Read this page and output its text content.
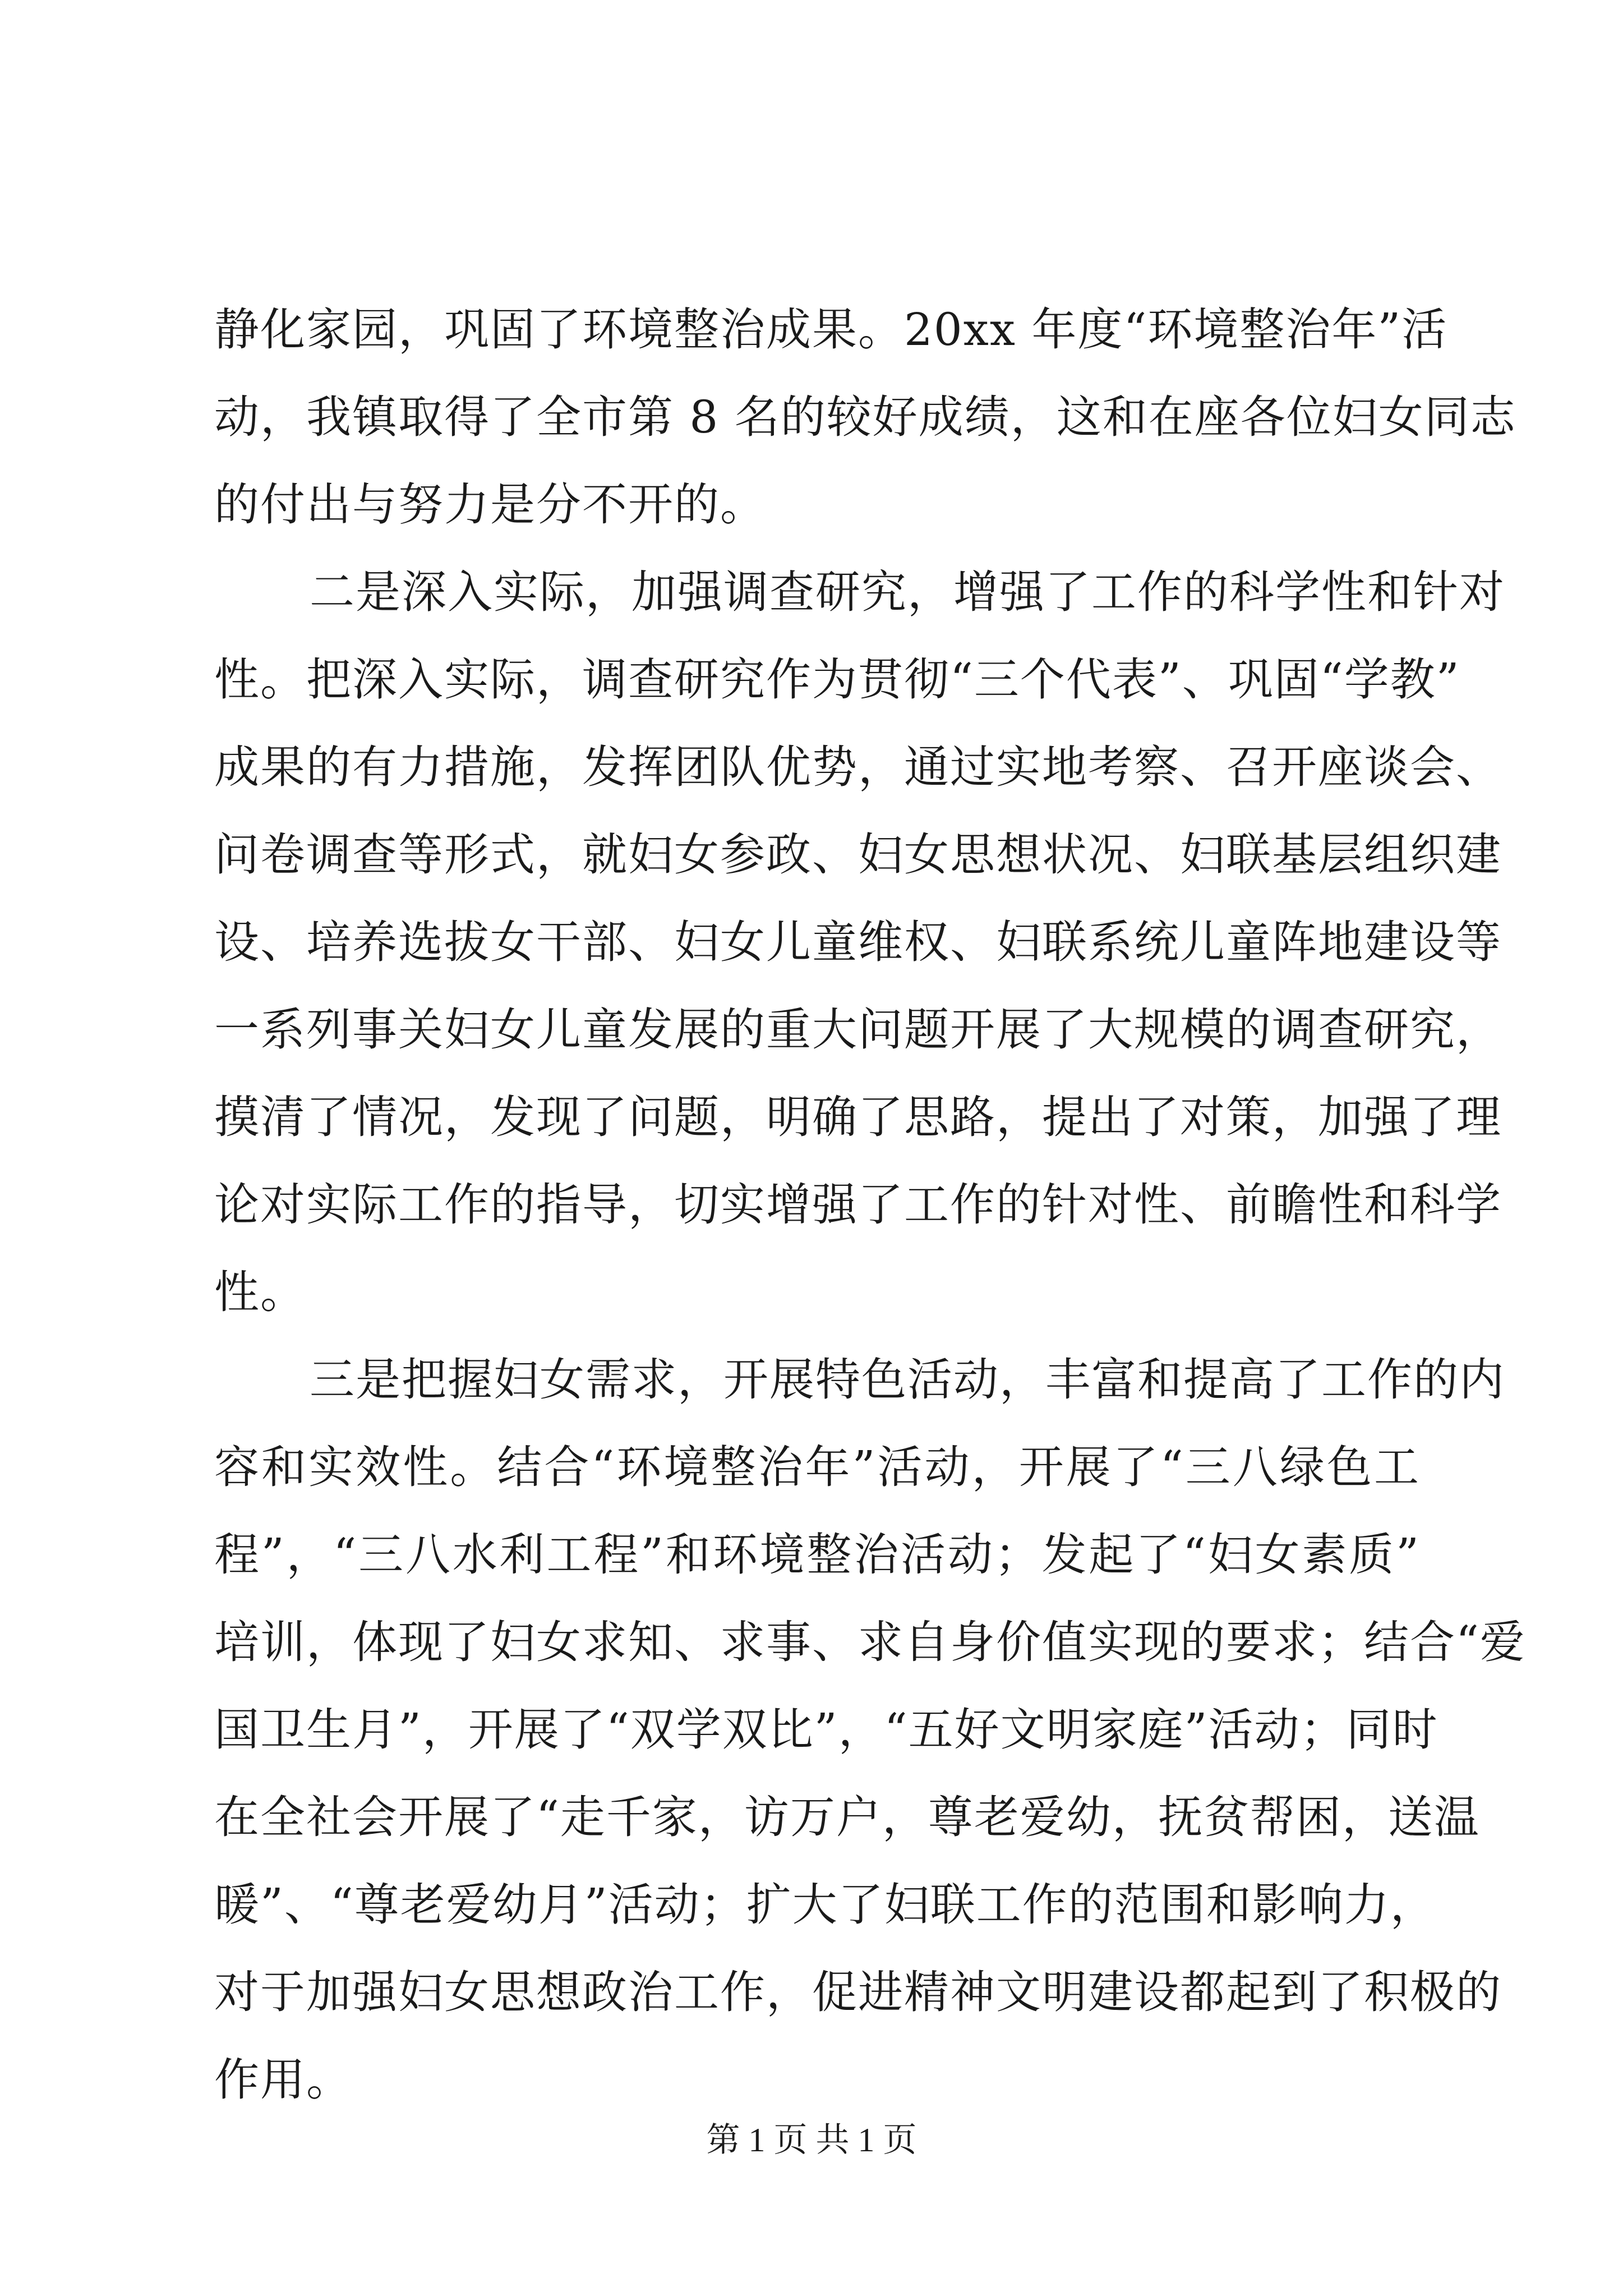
静化家园，巩固了环境整治成果。20xx 年度“环境整治年”活
动，我镇取得了全市第 8 名的较好成绩，这和在座各位妇女同志
的付出与努力是分不开的。
二是深入实际，加强调查研究，增强了工作的科学性和针对
性。把深入实际，调查研究作为贯彻“三个代表”、巩固“学教”
成果的有力措施，发挥团队优势，通过实地考察、召开座谈会、
问卷调查等形式，就妇女参政、妇女思想状况、妇联基层组织建
设、培养选拔女干部、妇女儿童维权、妇联系统儿童阵地建设等
一系列事关妇女儿童发展的重大问题开展了大规模的调查研究，
摸清了情况，发现了问题，明确了思路，提出了对策，加强了理
论对实际工作的指导，切实增强了工作的针对性、前瞻性和科学
性。
三是把握妇女需求，开展特色活动，丰富和提高了工作的内
容和实效性。结合“环境整治年”活动，开展了“三八绿色工
程”，“三八水利工程”和环境整治活动；发起了“妇女素质”
培训，体现了妇女求知、求事、求自身价值实现的要求；结合“爱
国卫生月”，开展了“双学双比”，“五好文明家庭”活动；同时
在全社会开展了“走千家，访万户，尊老爱幼，抚贫帮困，送温
暖”、“尊老爱幼月”活动；扩大了妇联工作的范围和影响力，
对于加强妇女思想政治工作，促进精神文明建设都起到了积极的
作用。
第 1 页 共 1 页
